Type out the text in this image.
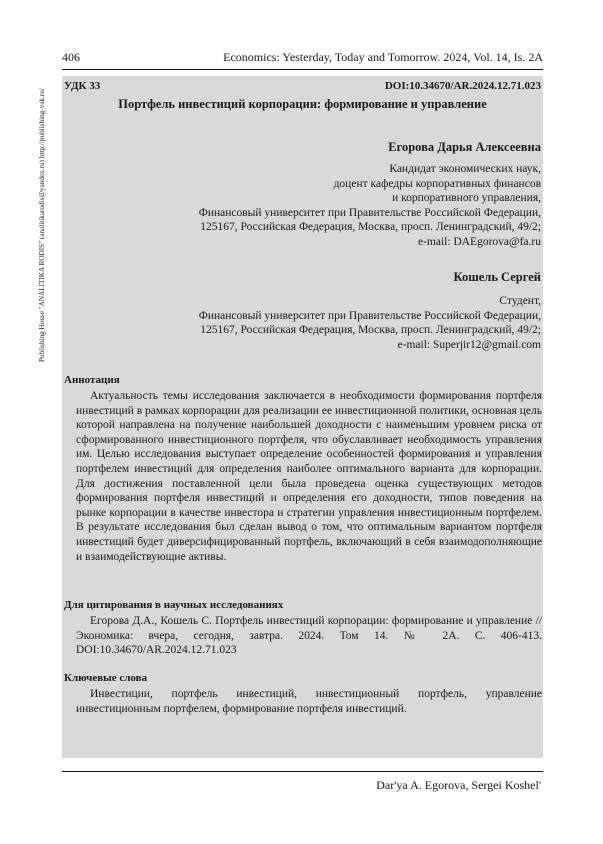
406	Economics: Yesterday, Today and Tomorrow. 2024, Vol. 14, Is. 2A
Publishing House "ANALITIKA RODIS" (analitikarodis@yandex.ru) http://publishing-vak.ru/
УДК 33	DOI:10.34670/AR.2024.12.71.023
Портфель инвестиций корпорации: формирование и управление
Егорова Дарья Алексеевна
Кандидат экономических наук,
доцент кафедры корпоративных финансов
и корпоративного управления,
Финансовый университет при Правительстве Российской Федерации,
125167, Российская Федерация, Москва, просп. Ленинградский, 49/2;
e-mail: DAEgorova@fa.ru
Кошель Сергей
Студент,
Финансовый университет при Правительстве Российской Федерации,
125167, Российская Федерация, Москва, просп. Ленинградский, 49/2;
e-mail: Superjir12@gmail.com
Аннотация

Актуальность темы исследования заключается в необходимости формирования портфеля инвестиций в рамках корпорации для реализации ее инвестиционной политики, основная цель которой направлена на получение наибольшей доходности с наименьшим уровнем риска от сформированного инвестиционного портфеля, что обуславливает необходимость управления им. Целью исследования выступает определение особенностей формирования и управления портфелем инвестиций для определения наиболее оптимального варианта для корпорации. Для достижения поставленной цели была проведена оценка существующих методов формирования портфеля инвестиций и определения его доходности, типов поведения на рынке корпорации в качестве инвестора и стратегии управления инвестиционным портфелем. В результате исследования был сделан вывод о том, что оптимальным вариантом портфеля инвестиций будет диверсифицированный портфель, включающий в себя взаимодополняющие и взаимодействующие активы.

Для цитирования в научных исследованиях

Егорова Д.А., Кошель С. Портфель инвестиций корпорации: формирование и управление // Экономика: вчера, сегодня, завтра. 2024. Том 14. № 2А. С. 406-413. DOI:10.34670/AR.2024.12.71.023

Ключевые слова

Инвестиции, портфель инвестиций, инвестиционный портфель, управление инвестиционным портфелем, формирование портфеля инвестиций.

Dar'ya A. Egorova, Sergei Koshel'
